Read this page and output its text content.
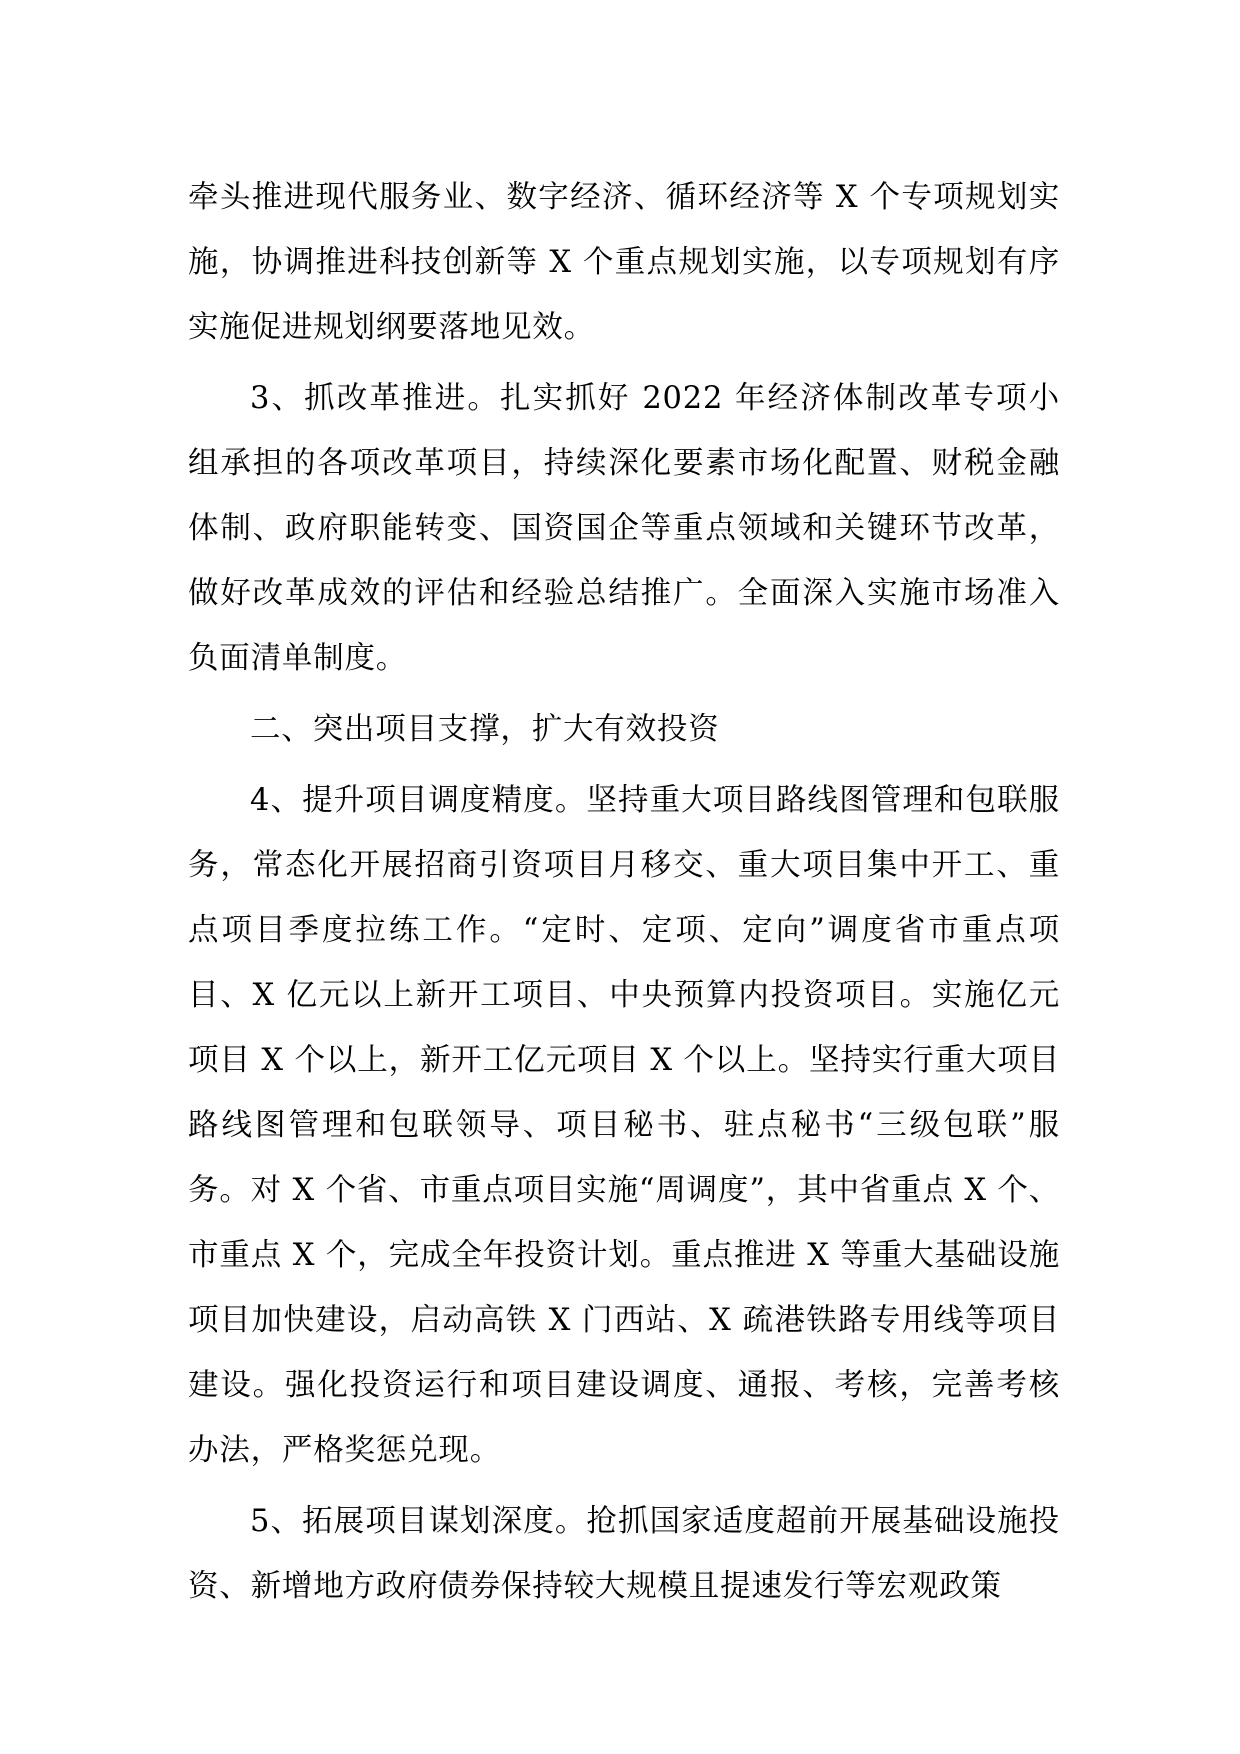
牵头推进现代服务业、数字经济、循环经济等 X 个专项规划实施，协调推进科技创新等 X 个重点规划实施，以专项规划有序实施促进规划纲要落地见效。

3、抓改革推进。扎实抓好 2022 年经济体制改革专项小组承担的各项改革项目，持续深化要素市场化配置、财税金融体制、政府职能转变、国资国企等重点领域和关键环节改革，做好改革成效的评估和经验总结推广。全面深入实施市场准入负面清单制度。

二、突出项目支撑，扩大有效投资

4、提升项目调度精度。坚持重大项目路线图管理和包联服务，常态化开展招商引资项目月移交、重大项目集中开工、重点项目季度拉练工作。“定时、定项、定向”调度省市重点项目、X 亿元以上新开工项目、中央预算内投资项目。实施亿元项目 X 个以上，新开工亿元项目 X 个以上。坚持实行重大项目路线图管理和包联领导、项目秘书、驻点秘书“三级包联”服务。对 X 个省、市重点项目实施“周调度”，其中省重点 X 个、市重点 X 个，完成全年投资计划。重点推进 X 等重大基础设施项目加快建设，启动高铁 X 门西站、X 疏港铁路专用线等项目建设。强化投资运行和项目建设调度、通报、考核，完善考核办法，严格奖惩兑现。

5、拓展项目谋划深度。抢抓国家适度超前开展基础设施投资、新增地方政府债券保持较大规模且提速发行等宏观政策
